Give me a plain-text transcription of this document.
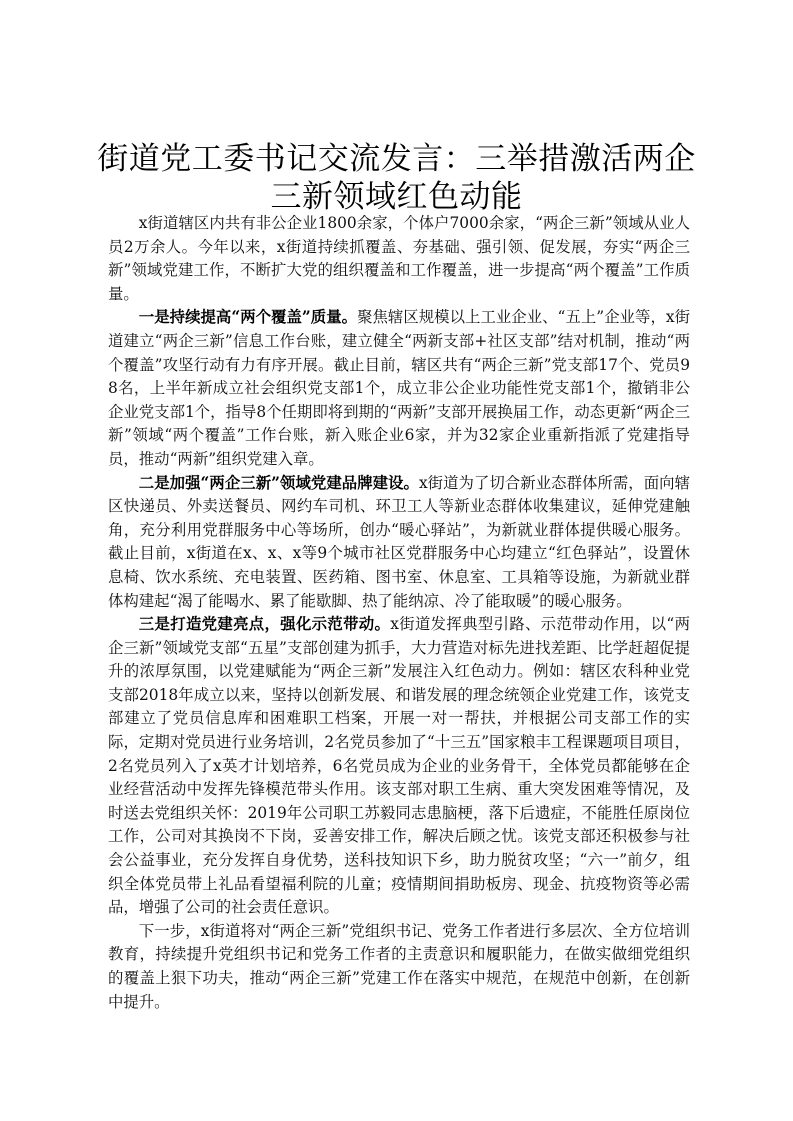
街道党工委书记交流发言：三举措激活两企三新领域红色动能

x街道辖区内共有非公企业1800余家，个体户7000余家，“两企三新”领域从业人员2万余人。今年以来，x街道持续抓覆盖、夯基础、强引领、促发展，夯实“两企三新”领域党建工作，不断扩大党的组织覆盖和工作覆盖，进一步提高“两个覆盖”工作质量。

一是持续提高“两个覆盖”质量。聚焦辖区规模以上工业企业、“五上”企业等，x街道建立“两企三新”信息工作台账，建立健全“两新支部+社区支部”结对机制，推动“两个覆盖”攻坚行动有力有序开展。截止目前，辖区共有“两企三新”党支部17个、党员98名，上半年新成立社会组织党支部1个，成立非公企业功能性党支部1个，撤销非公企业党支部1个，指导8个任期即将到期的“两新”支部开展换届工作，动态更新“两企三新”领域“两个覆盖”工作台账，新入账企业6家，并为32家企业重新指派了党建指导员，推动“两新”组织党建入章。

二是加强“两企三新”领域党建品牌建设。x街道为了切合新业态群体所需，面向辖区快递员、外卖送餐员、网约车司机、环卫工人等新业态群体收集建议，延伸党建触角，充分利用党群服务中心等场所，创办“暖心驿站”，为新就业群体提供暖心服务。截止目前，x街道在x、x、x等9个城市社区党群服务中心均建立“红色驿站”，设置休息椅、饮水系统、充电装置、医药箱、图书室、休息室、工具箱等设施，为新就业群体构建起“渴了能喝水、累了能歇脚、热了能纳凉、冷了能取暖”的暖心服务。

三是打造党建亮点，强化示范带动。x街道发挥典型引路、示范带动作用，以“两企三新”领域党支部“五星”支部创建为抓手，大力营造对标先进找差距、比学赶超促提升的浓厚氛围，以党建赋能为“两企三新”发展注入红色动力。例如：辖区农科种业党支部2018年成立以来，坚持以创新发展、和谐发展的理念统领企业党建工作，该党支部建立了党员信息库和困难职工档案，开展一对一帮扶，并根据公司支部工作的实际，定期对党员进行业务培训，2名党员参加了“十三五”国家粮丰工程课题项目项目，2名党员列入了x英才计划培养，6名党员成为企业的业务骨干，全体党员都能够在企业经营活动中发挥先锋模范带头作用。该支部对职工生病、重大突发困难等情况，及时送去党组织关怀：2019年公司职工苏毅同志患脑梗，落下后遗症，不能胜任原岗位工作，公司对其换岗不下岗，妥善安排工作，解决后顾之忧。该党支部还积极参与社会公益事业，充分发挥自身优势，送科技知识下乡，助力脱贫攻坚；“六一”前夕，组织全体党员带上礼品看望福利院的儿童；疫情期间捐助板房、现金、抗疫物资等必需品，增强了公司的社会责任意识。

下一步，x街道将对“两企三新”党组织书记、党务工作者进行多层次、全方位培训教育，持续提升党组织书记和党务工作者的主责意识和履职能力，在做实做细党组织的覆盖上狠下功夫，推动“两企三新”党建工作在落实中规范，在规范中创新，在创新中提升。
